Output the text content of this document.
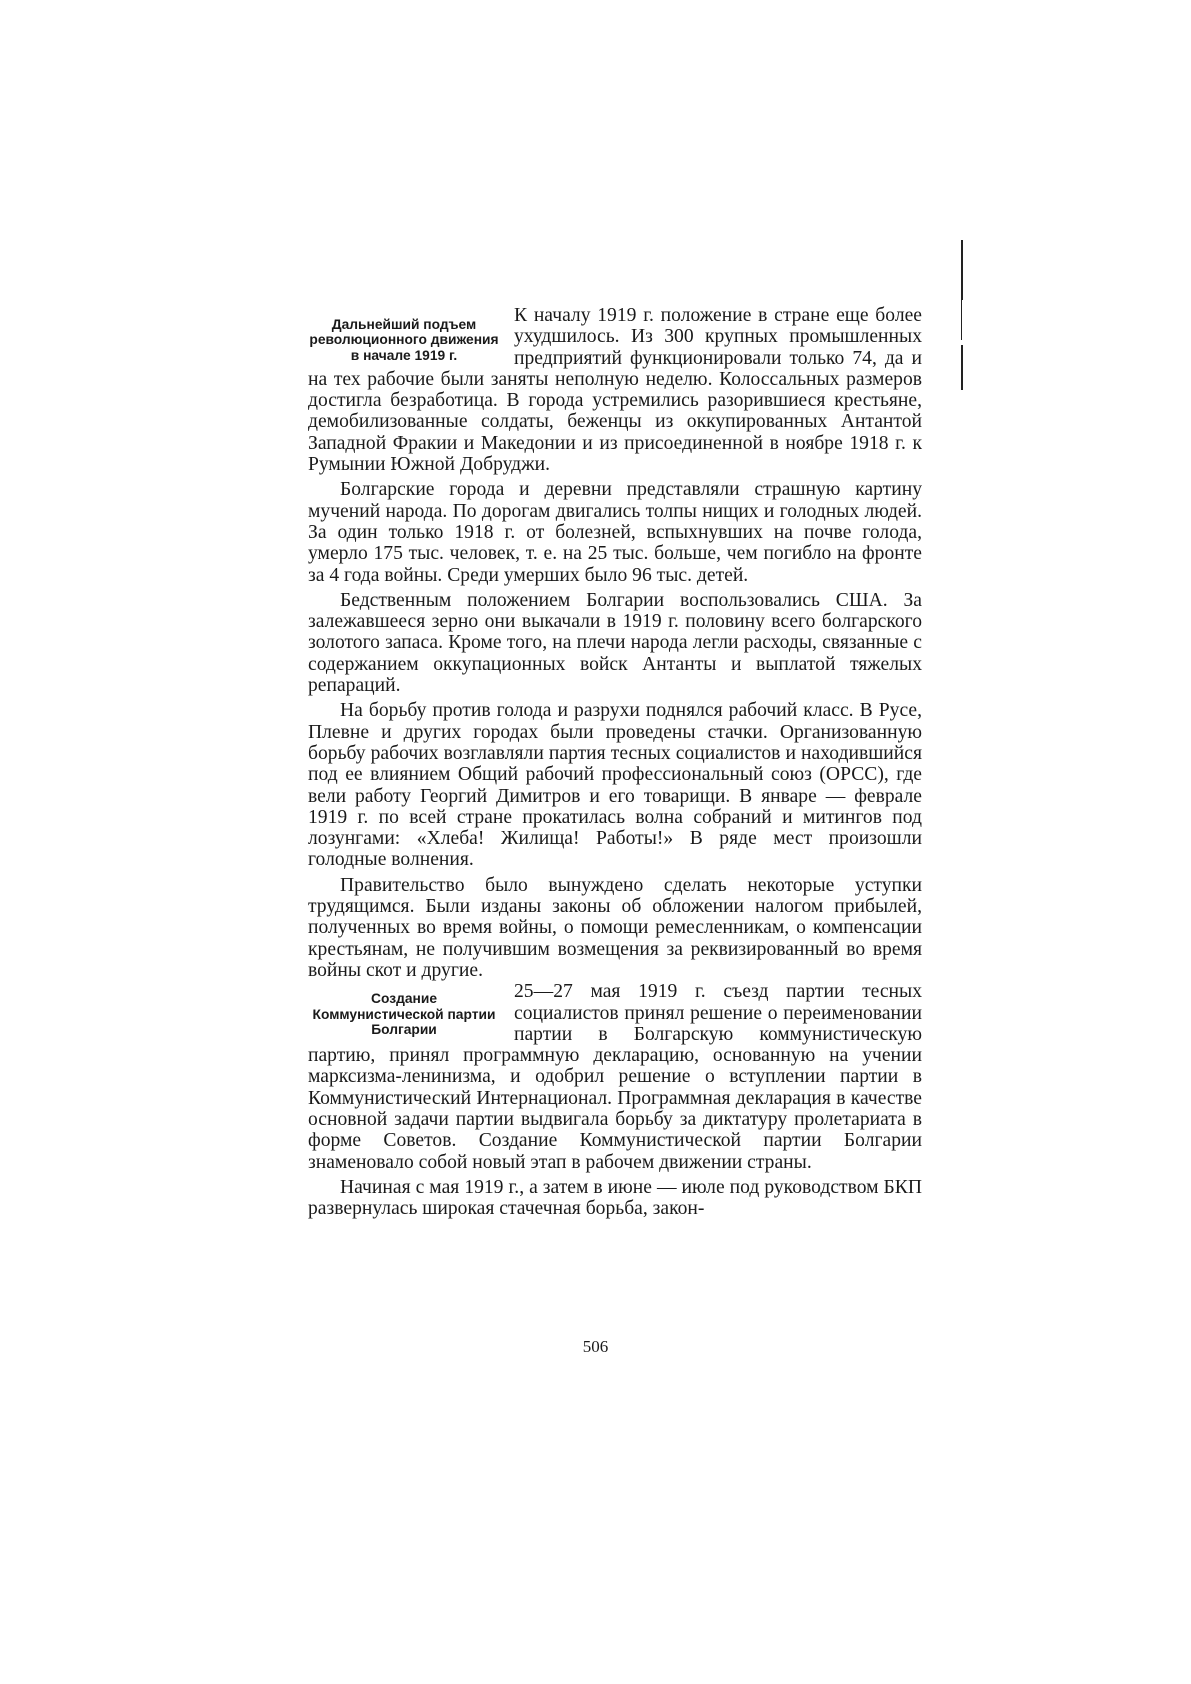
Дальнейший подъем революционного движения в начале 1919 г.

К началу 1919 г. положение в стране еще более ухудшилось. Из 300 крупных промышленных предприятий функционировали только 74, да и на тех рабочие были заняты неполную неделю. Колоссальных размеров достигла безработица. В города устремились разорившиеся крестьяне, демобилизованные солдаты, беженцы из оккупированных Антантой Западной Фракии и Македонии и из присоединенной в ноябре 1918 г. к Румынии Южной Добруджи.

Болгарские города и деревни представляли страшную картину мучений народа. По дорогам двигались толпы нищих и голодных людей. За один только 1918 г. от болезней, вспыхнувших на почве голода, умерло 175 тыс. человек, т. е. на 25 тыс. больше, чем погибло на фронте за 4 года войны. Среди умерших было 96 тыс. детей.

Бедственным положением Болгарии воспользовались США. За залежавшееся зерно они выкачали в 1919 г. половину всего болгарского золотого запаса. Кроме того, на плечи народа легли расходы, связанные с содержанием оккупационных войск Антанты и выплатой тяжелых репараций.

На борьбу против голода и разрухи поднялся рабочий класс. В Русе, Плевне и других городах были проведены стачки. Организованную борьбу рабочих возглавляли партия тесных социалистов и находившийся под ее влиянием Общий рабочий профессиональный союз (ОРСС), где вели работу Георгий Димитров и его товарищи. В январе — феврале 1919 г. по всей стране прокатилась волна собраний и митингов под лозунгами: «Хлеба! Жилища! Работы!» В ряде мест произошли голодные волнения.

Правительство было вынуждено сделать некоторые уступки трудящимся. Были изданы законы об обложении налогом прибылей, полученных во время войны, о помощи ремесленникам, о компенсации крестьянам, не получившим возмещения за реквизированный во время войны скот и другие.

Создание Коммунистической партии Болгарии

25—27 мая 1919 г. съезд партии тесных социалистов принял решение о переименовании партии в Болгарскую коммунистическую партию, принял программную декларацию, основанную на учении марксизма-ленинизма, и одобрил решение о вступлении партии в Коммунистический Интернационал. Программная декларация в качестве основной задачи партии выдвигала борьбу за диктатуру пролетариата в форме Советов. Создание Коммунистической партии Болгарии знаменовало собой новый этап в рабочем движении страны.

Начиная с мая 1919 г., а затем в июне — июле под руководством БКП развернулась широкая стачечная борьба, закон-

506
